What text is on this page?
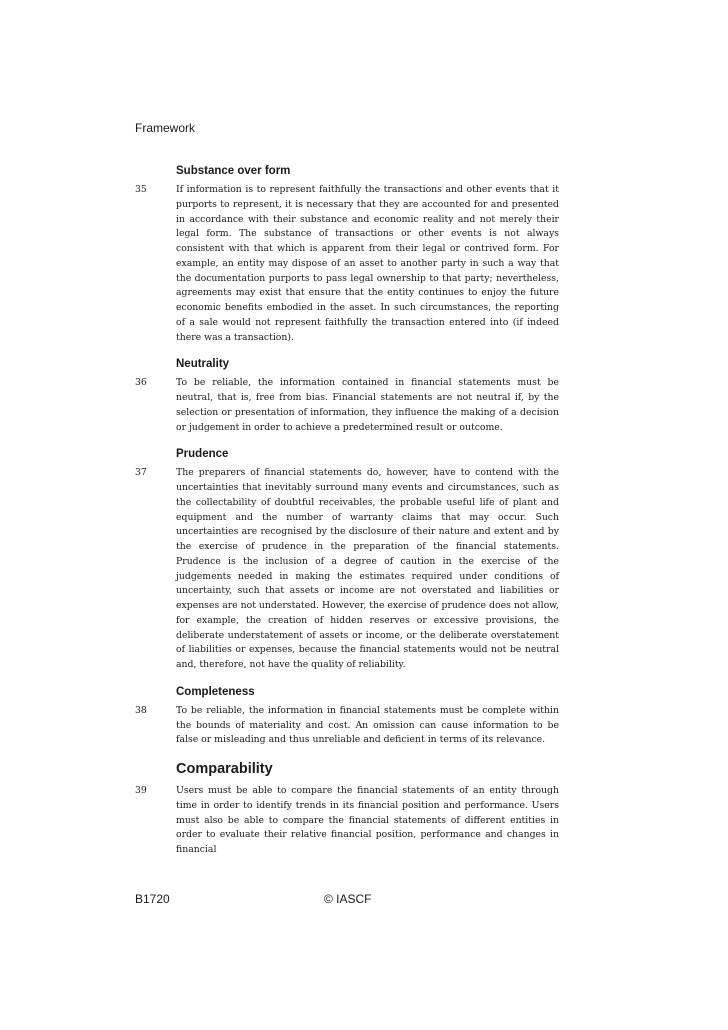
Framework
Substance over form
35	If information is to represent faithfully the transactions and other events that it purports to represent, it is necessary that they are accounted for and presented in accordance with their substance and economic reality and not merely their legal form. The substance of transactions or other events is not always consistent with that which is apparent from their legal or contrived form. For example, an entity may dispose of an asset to another party in such a way that the documentation purports to pass legal ownership to that party; nevertheless, agreements may exist that ensure that the entity continues to enjoy the future economic benefits embodied in the asset. In such circumstances, the reporting of a sale would not represent faithfully the transaction entered into (if indeed there was a transaction).

Neutrality
36	To be reliable, the information contained in financial statements must be neutral, that is, free from bias. Financial statements are not neutral if, by the selection or presentation of information, they influence the making of a decision or judgement in order to achieve a predetermined result or outcome.

Prudence
37	The preparers of financial statements do, however, have to contend with the uncertainties that inevitably surround many events and circumstances, such as the collectability of doubtful receivables, the probable useful life of plant and equipment and the number of warranty claims that may occur. Such uncertainties are recognised by the disclosure of their nature and extent and by the exercise of prudence in the preparation of the financial statements. Prudence is the inclusion of a degree of caution in the exercise of the judgements needed in making the estimates required under conditions of uncertainty, such that assets or income are not overstated and liabilities or expenses are not understated. However, the exercise of prudence does not allow, for example, the creation of hidden reserves or excessive provisions, the deliberate understatement of assets or income, or the deliberate overstatement of liabilities or expenses, because the financial statements would not be neutral and, therefore, not have the quality of reliability.

Completeness
38	To be reliable, the information in financial statements must be complete within the bounds of materiality and cost. An omission can cause information to be false or misleading and thus unreliable and deficient in terms of its relevance.

Comparability
39	Users must be able to compare the financial statements of an entity through time in order to identify trends in its financial position and performance. Users must also be able to compare the financial statements of different entities in order to evaluate their relative financial position, performance and changes in financial

B1720	© IASCF
